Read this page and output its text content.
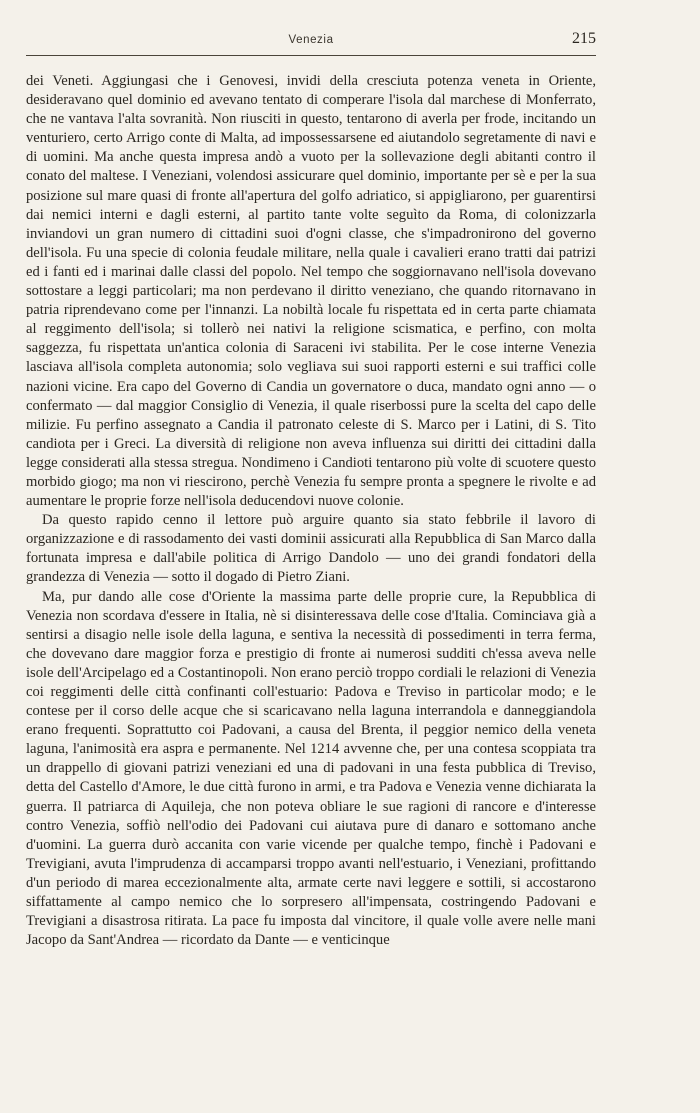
Venezia	215

dei Veneti. Aggiungasi che i Genovesi, invidi della cresciuta potenza veneta in Oriente, desideravano quel dominio ed avevano tentato di comperare l'isola dal marchese di Monferrato, che ne vantava l'alta sovranità. Non riusciti in questo, tentarono di averla per frode, incitando un venturiero, certo Arrigo conte di Malta, ad impossessarsene ed aiutandolo segretamente di navi e di uomini. Ma anche questa impresa andò a vuoto per la sollevazione degli abitanti contro il conato del maltese. I Veneziani, volendosi assicurare quel dominio, importante per sè e per la sua posizione sul mare quasi di fronte all'apertura del golfo adriatico, si appigliarono, per guarentirsi dai nemici interni e dagli esterni, al partito tante volte seguìto da Roma, di colonizzarla inviandovi un gran numero di cittadini suoi d'ogni classe, che s'impadronirono del governo dell'isola. Fu una specie di colonia feudale militare, nella quale i cavalieri erano tratti dai patrizi ed i fanti ed i marinai dalle classi del popolo. Nel tempo che soggiornavano nell'isola dovevano sottostare a leggi particolari; ma non perdevano il diritto veneziano, che quando ritornavano in patria riprendevano come per l'innanzi. La nobiltà locale fu rispettata ed in certa parte chiamata al reggimento dell'isola; si tollerò nei nativi la religione scismatica, e perfino, con molta saggezza, fu rispettata un'antica colonia di Saraceni ivi stabilita. Per le cose interne Venezia lasciava all'isola completa autonomia; solo vegliava sui suoi rapporti esterni e sui traffici colle nazioni vicine. Era capo del Governo di Candia un governatore o duca, mandato ogni anno — o confermato — dal maggior Consiglio di Venezia, il quale riserbossi pure la scelta del capo delle milizie. Fu perfino assegnato a Candia il patronato celeste di S. Marco per i Latini, di S. Tito candiota per i Greci. La diversità di religione non aveva influenza sui diritti dei cittadini dalla legge considerati alla stessa stregua. Nondimeno i Candioti tentarono più volte di scuotere questo morbido giogo; ma non vi riescirono, perchè Venezia fu sempre pronta a spegnere le rivolte e ad aumentare le proprie forze nell'isola deducendovi nuove colonie.

Da questo rapido cenno il lettore può arguire quanto sia stato febbrile il lavoro di organizzazione e di rassodamento dei vasti dominii assicurati alla Repubblica di San Marco dalla fortunata impresa e dall'abile politica di Arrigo Dandolo — uno dei grandi fondatori della grandezza di Venezia — sotto il dogado di Pietro Ziani.

Ma, pur dando alle cose d'Oriente la massima parte delle proprie cure, la Repubblica di Venezia non scordava d'essere in Italia, nè si disinteressava delle cose d'Italia. Cominciava già a sentirsi a disagio nelle isole della laguna, e sentiva la necessità di possedimenti in terra ferma, che dovevano dare maggior forza e prestigio di fronte ai numerosi sudditi ch'essa aveva nelle isole dell'Arcipelago ed a Costantinopoli. Non erano perciò troppo cordiali le relazioni di Venezia coi reggimenti delle città confinanti coll'estuario: Padova e Treviso in particolar modo; e le contese per il corso delle acque che si scaricavano nella laguna interrandola e danneggiandola erano frequenti. Soprattutto coi Padovani, a causa del Brenta, il peggior nemico della veneta laguna, l'animosità era aspra e permanente. Nel 1214 avvenne che, per una contesa scoppiata tra un drappello di giovani patrizi veneziani ed una di padovani in una festa pubblica di Treviso, detta del Castello d'Amore, le due città furono in armi, e tra Padova e Venezia venne dichiarata la guerra. Il patriarca di Aquileja, che non poteva obliare le sue ragioni di rancore e d'interesse contro Venezia, soffiò nell'odio dei Padovani cui aiutava pure di danaro e sottomano anche d'uomini. La guerra durò accanita con varie vicende per qualche tempo, finchè i Padovani e Trevigiani, avuta l'imprudenza di accamparsi troppo avanti nell'estuario, i Veneziani, profittando d'un periodo di marea eccezionalmente alta, armate certe navi leggere e sottili, si accostarono siffattamente al campo nemico che lo sorpresero all'impensata, costringendo Padovani e Trevigiani a disastrosa ritirata. La pace fu imposta dal vincitore, il quale volle avere nelle mani Jacopo da Sant'Andrea — ricordato da Dante — e venticinque
